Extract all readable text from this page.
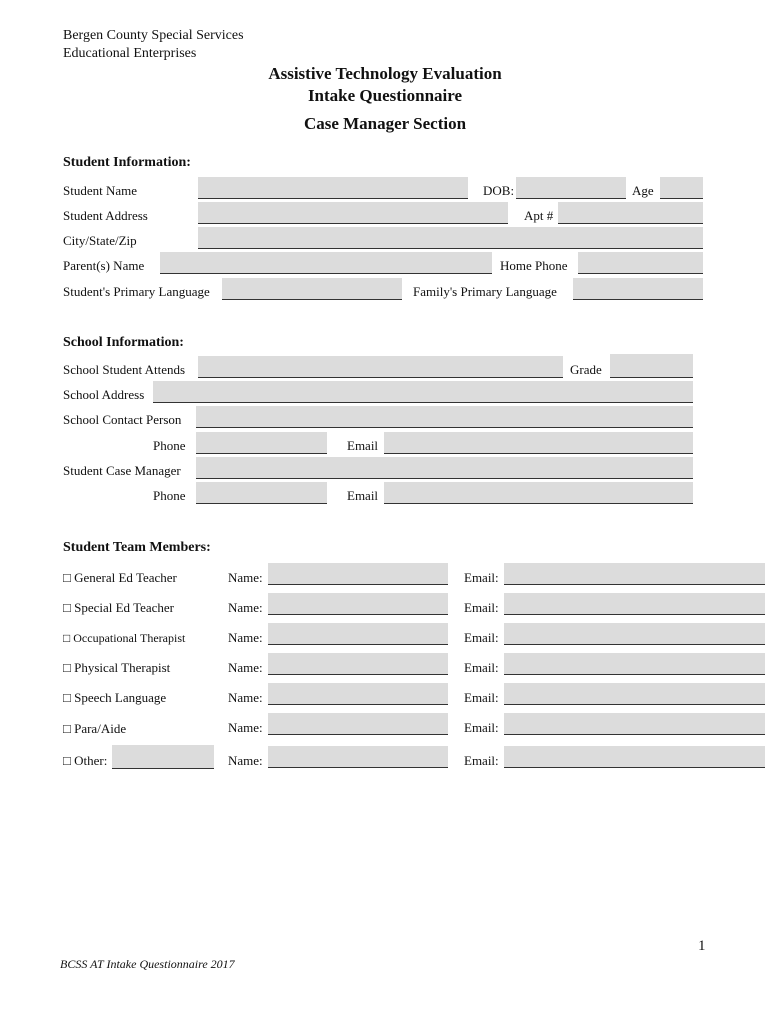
Bergen County Special Services
Educational Enterprises
Assistive Technology Evaluation
Intake Questionnaire
Case Manager Section
Student Information:
Student Name	DOB:	Age
Student Address	Apt #
City/State/Zip
Parent(s) Name	Home Phone
Student's Primary Language	Family's Primary Language
School Information:
School Student Attends	Grade
School Address
School Contact Person
Phone	Email
Student Case Manager
Phone	Email
Student Team Members:
□ General Ed Teacher	Name:	Email:
□ Special Ed Teacher	Name:	Email:
□ Occupational Therapist	Name:	Email:
□ Physical Therapist	Name:	Email:
□ Speech Language	Name:	Email:
□ Para/Aide	Name:	Email:
□ Other:	Name:	Email:
1
BCSS AT Intake Questionnaire 2017
